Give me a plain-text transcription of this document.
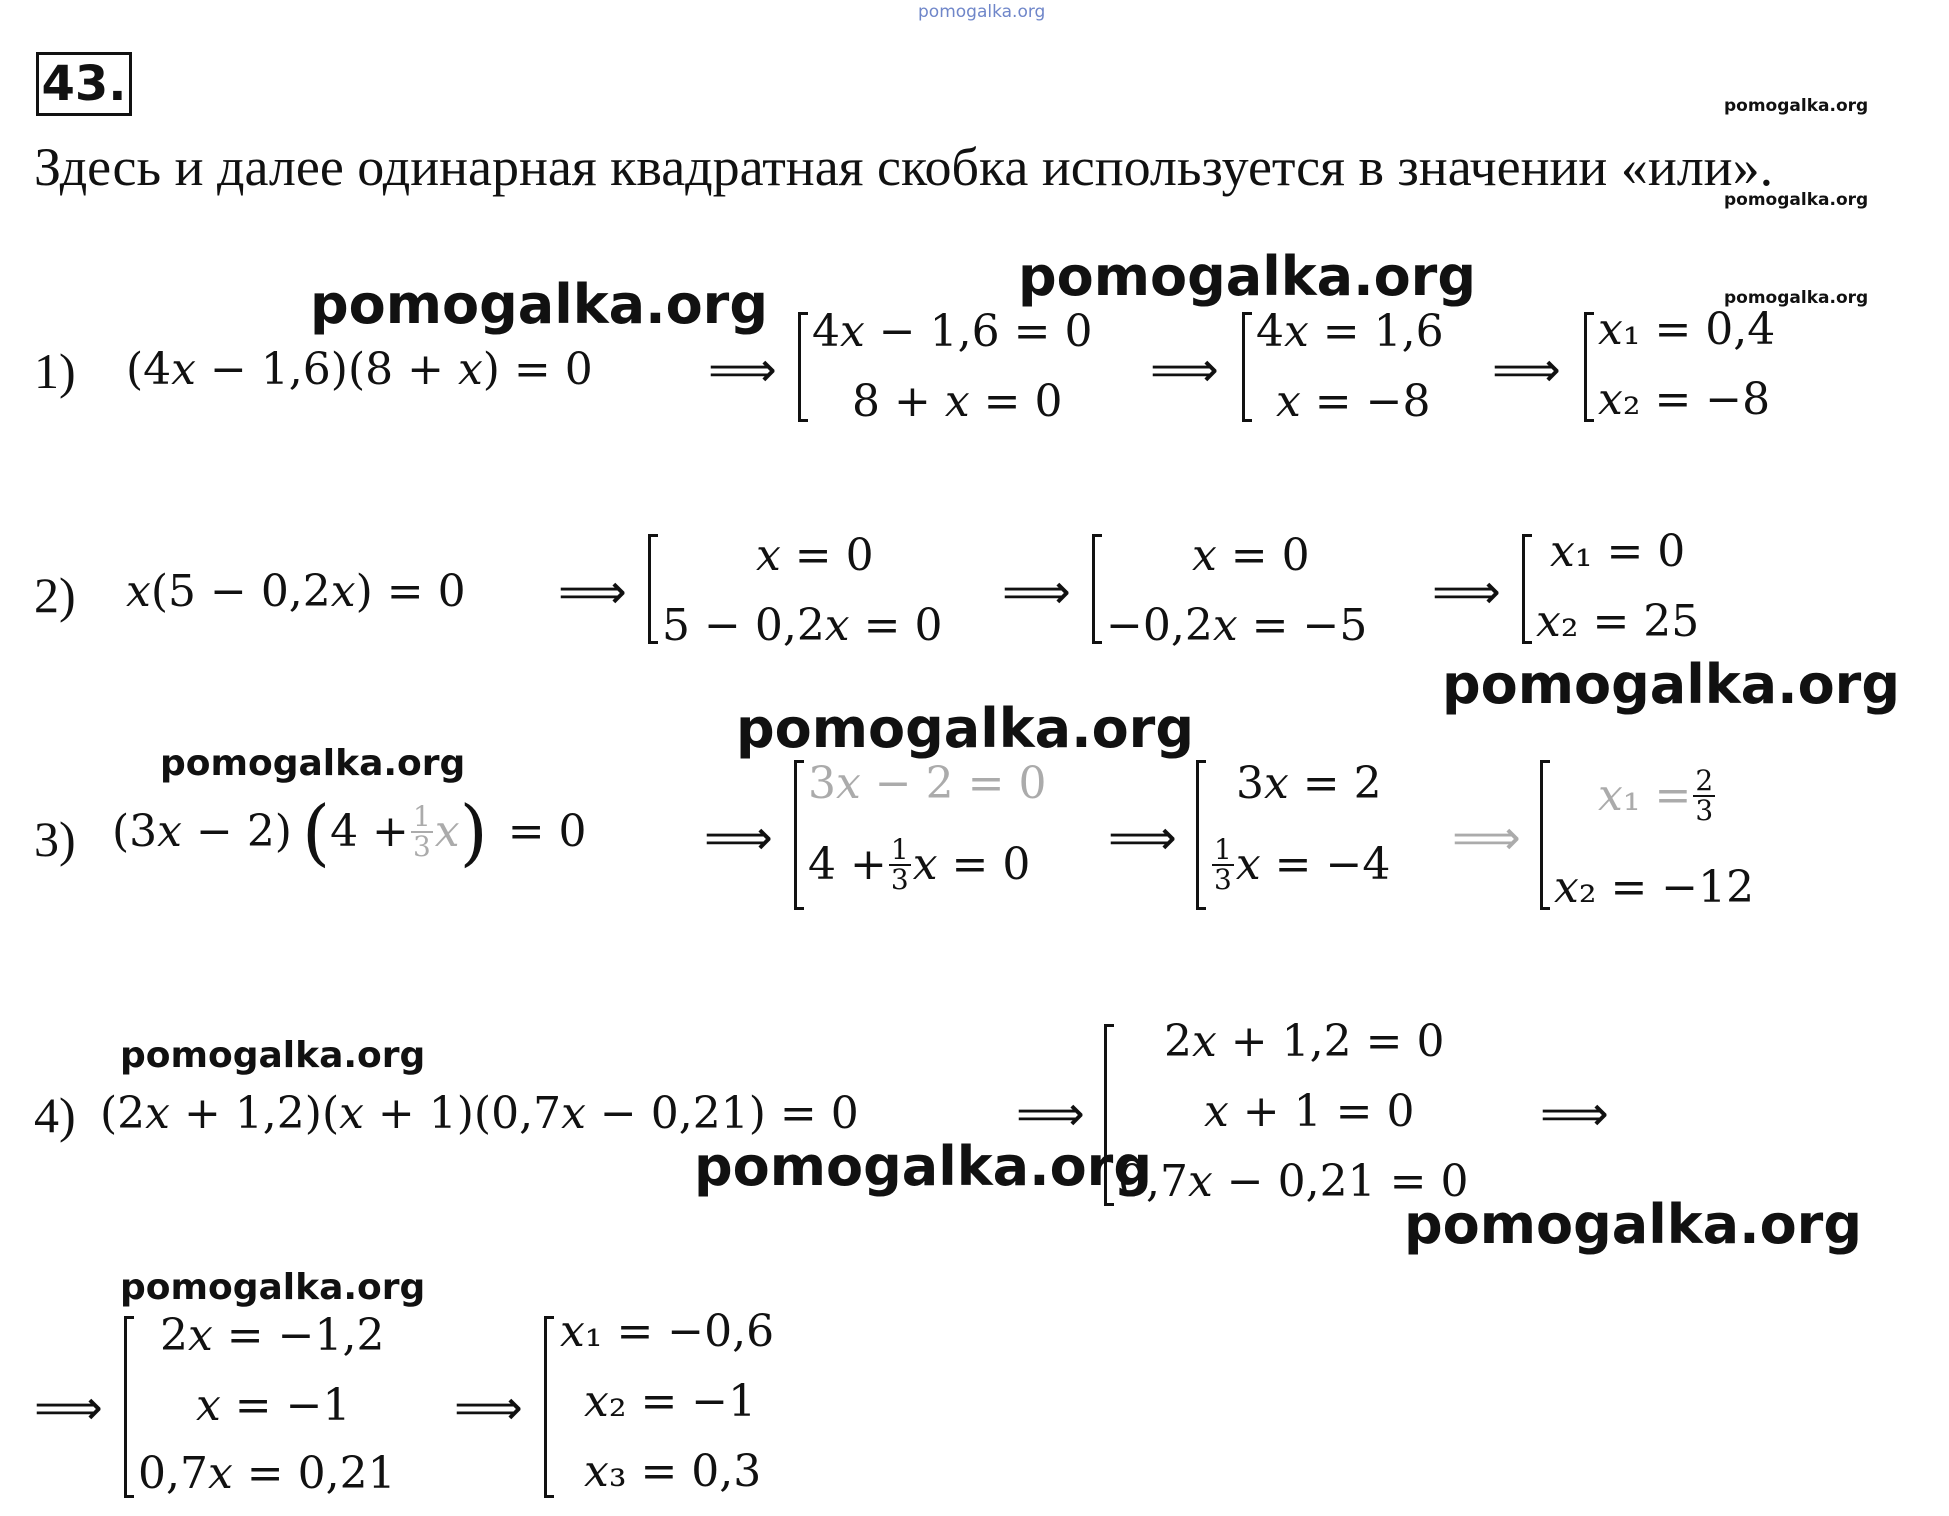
pomogalka.org
pomogalka.org
pomogalka.org
pomogalka.org
pomogalka.org
pomogalka.org
pomogalka.org
pomogalka.org
pomogalka.org
pomogalka.org
pomogalka.org
pomogalka.org
pomogalka.org
43.
Здесь и далее одинарная квадратная скобка используется в значении «или».
1) (4𝑥 − 1,6)(8 + 𝑥) = 0 ⟹
4𝑥 − 1,6 = 0
8 + 𝑥 = 0
⟹
4𝑥 = 1,6
𝑥 = −8
⟹
𝑥₁ = 0,4
𝑥₂ = −8
2) 𝑥(5 − 0,2𝑥) = 0 ⟹
𝑥 = 0
5 − 0,2𝑥 = 0
⟹
𝑥 = 0
−0,2𝑥 = −5
⟹
𝑥₁ = 0
𝑥₂ = 25
3) (3𝑥 − 2) ( $4 + \frac{1}{3}$ 𝑥 ) = 0 ⟹
3𝑥 − 2 = 0
$4 + \frac{1}{3}$ 𝑥 = 0 ⟹
3𝑥 = 2
$\frac{1}{3}$ 𝑥 = −4 ⟹
𝑥₁ = $\frac{2}{3}$
𝑥₂ = −12
4) (2𝑥 + 1,2)(𝑥 + 1)(0,7𝑥 − 0,21) = 0	⟹
2𝑥 + 1,2 = 0
𝑥 + 1 = 0
0,7𝑥 − 0,21 = 0
⟹
⟹
2𝑥 = −1,2
𝑥 = −1
0,7𝑥 = 0,21
⟹
𝑥₁ = −0,6
𝑥₂ = −1
𝑥₃ = 0,3
